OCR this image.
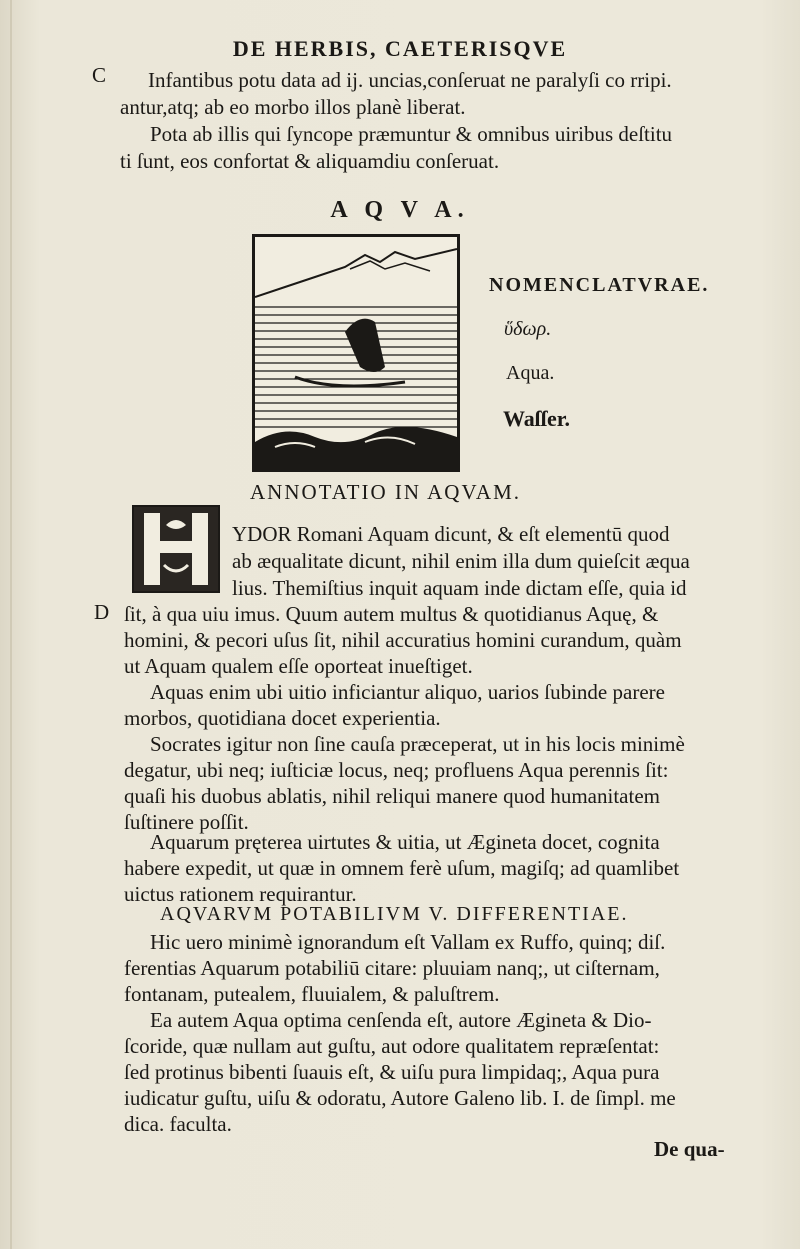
DE HERBIS, CAETERISQVE
C Infantibus potu data ad ij. uncias,conſeruat ne paralyſi co rripi.
antur,atq; ab eo morbo illos planè liberat.
Pota ab illis qui ſyncope præmuntur & omnibus uiribus deſtitu
ti ſunt, eos confortat & aliquamdiu conſeruat.
A Q V A.
NOMENCLATVRAE.
ὕδωρ.
Aqua.
Waſſer.
ANNOTATIO IN AQVAM.
YDOR Romani Aquam dicunt, & eſt elementū quod
ab æqualitate dicunt, nihil enim illa dum quieſcit æqua
lius. Themiſtius inquit aquam inde dictam eſſe, quia id
D ſit, à qua uiu imus. Quum autem multus & quotidianus Aquę, &
homini, & pecori uſus ſit, nihil accuratius homini curandum, quàm
ut Aquam qualem eſſe oporteat inueſtiget.
Aquas enim ubi uitio inficiantur aliquo, uarios ſubinde parere
morbos, quotidiana docet experientia.
Socrates igitur non ſine cauſa præceperat, ut in his locis minimè
degatur, ubi neq; iuſticiæ locus, neq; profluens Aqua perennis ſit:
quaſi his duobus ablatis, nihil reliqui manere quod humanitatem
ſuſtinere poſſit.
Aquarum pręterea uirtutes & uitia, ut Ægineta docet, cognita
habere expedit, ut quæ in omnem ferè uſum, magiſq; ad quamlibet
uictus rationem requirantur.
AQVARVM POTABILIVM V. DIFFERENTIAE.
Hic uero minimè ignorandum eſt Vallam ex Ruffo, quinq; diſ.
ferentias Aquarum potabiliū citare: pluuiam nanq;, ut ciſternam,
fontanam, putealem, fluuialem, & paluſtrem.
Ea autem Aqua optima cenſenda eſt, autore Ægineta & Dio-
ſcoride, quæ nullam aut guſtu, aut odore qualitatem repræſentat:
ſed protinus bibenti ſuauis eſt, & uiſu pura limpidaq;, Aqua pura
iudicatur guſtu, uiſu & odoratu, Autore Galeno lib. I. de ſimpl. me
dica. faculta.
De qua-
